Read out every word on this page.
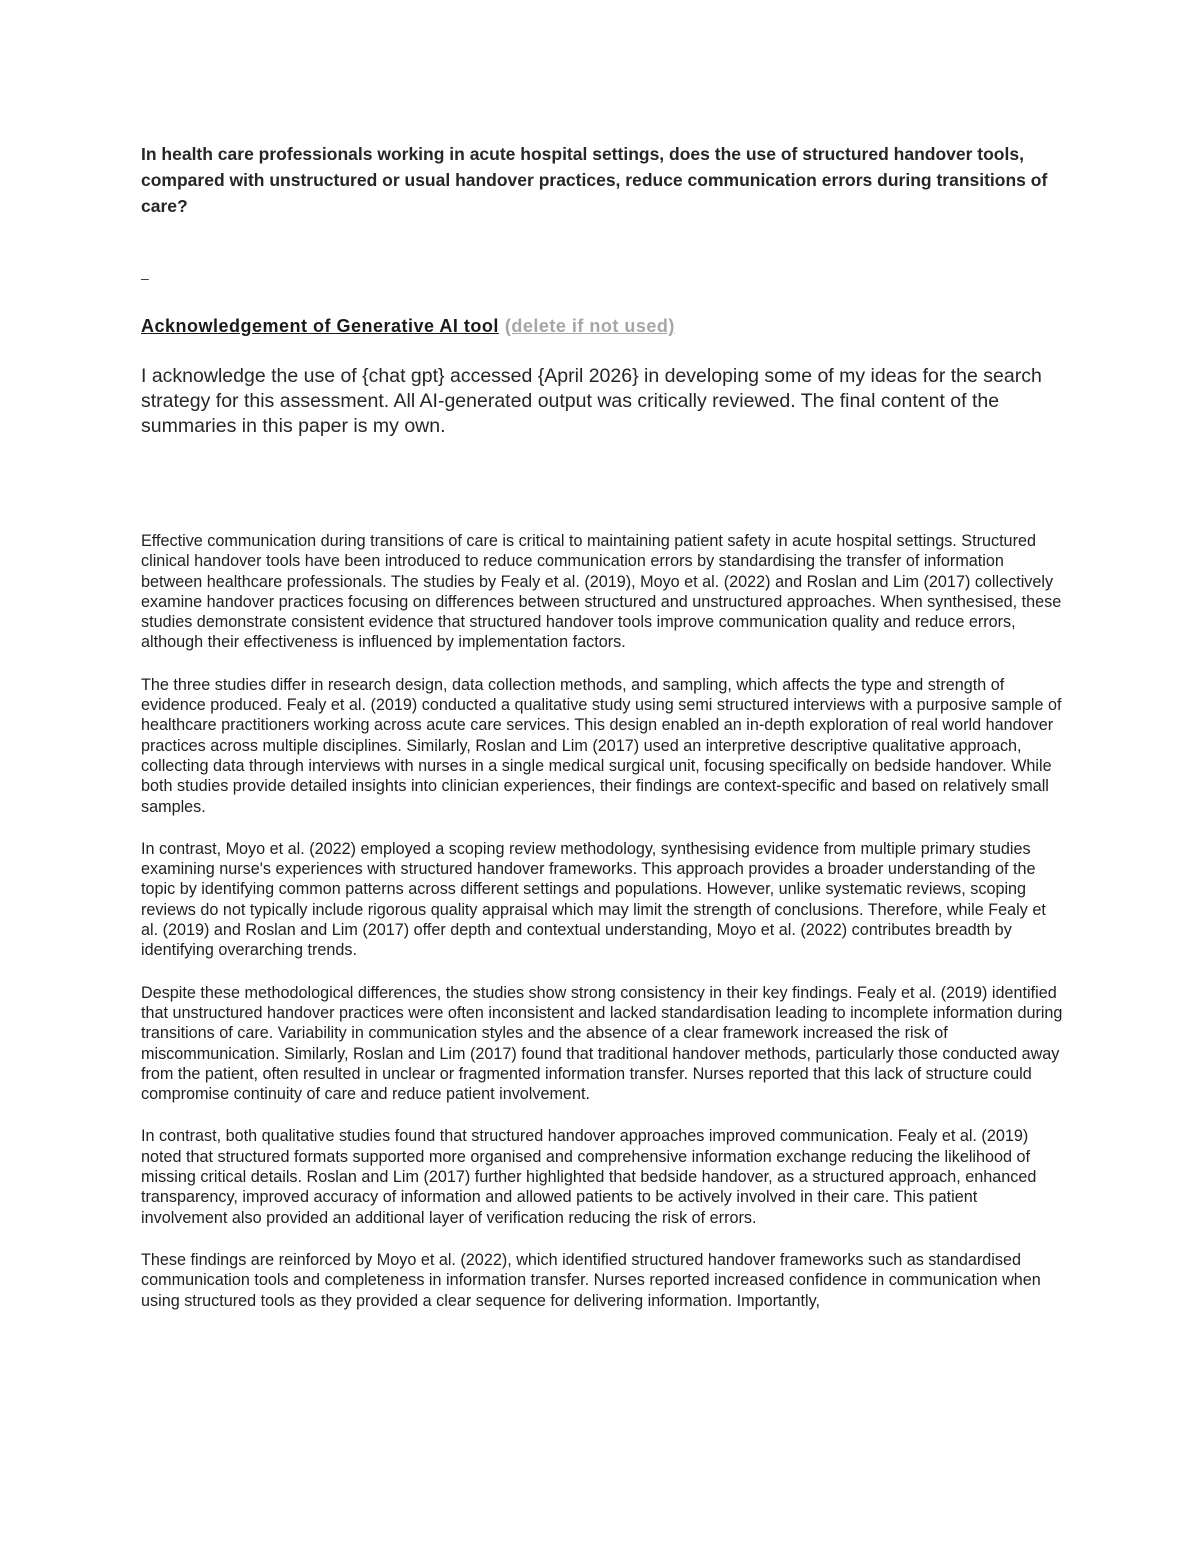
In health care professionals working in acute hospital settings, does the use of structured handover tools, compared with unstructured or usual handover practices, reduce communication errors during transitions of care?

–

Acknowledgement of Generative AI tool (delete if not used)

I acknowledge the use of {chat gpt} accessed {April 2026} in developing some of my ideas for the search strategy for this assessment. All AI-generated output was critically reviewed. The final content of the summaries in this paper is my own.

Effective communication during transitions of care is critical to maintaining patient safety in acute hospital settings. Structured clinical handover tools have been introduced to reduce communication errors by standardising the transfer of information between healthcare professionals. The studies by Fealy et al. (2019), Moyo et al. (2022) and Roslan and Lim (2017) collectively examine handover practices focusing on differences between structured and unstructured approaches. When synthesised, these studies demonstrate consistent evidence that structured handover tools improve communication quality and reduce errors, although their effectiveness is influenced by implementation factors.

The three studies differ in research design, data collection methods, and sampling, which affects the type and strength of evidence produced. Fealy et al. (2019) conducted a qualitative study using semi structured interviews with a purposive sample of healthcare practitioners working across acute care services. This design enabled an in-depth exploration of real world handover practices across multiple disciplines. Similarly, Roslan and Lim (2017) used an interpretive descriptive qualitative approach, collecting data through interviews with nurses in a single medical surgical unit, focusing specifically on bedside handover. While both studies provide detailed insights into clinician experiences, their findings are context-specific and based on relatively small samples.

In contrast, Moyo et al. (2022) employed a scoping review methodology, synthesising evidence from multiple primary studies examining nurse's experiences with structured handover frameworks. This approach provides a broader understanding of the topic by identifying common patterns across different settings and populations. However, unlike systematic reviews, scoping reviews do not typically include rigorous quality appraisal which may limit the strength of conclusions. Therefore, while Fealy et al. (2019) and Roslan and Lim (2017) offer depth and contextual understanding, Moyo et al. (2022) contributes breadth by identifying overarching trends.

Despite these methodological differences, the studies show strong consistency in their key findings. Fealy et al. (2019) identified that unstructured handover practices were often inconsistent and lacked standardisation leading to incomplete information during transitions of care. Variability in communication styles and the absence of a clear framework increased the risk of miscommunication. Similarly, Roslan and Lim (2017) found that traditional handover methods, particularly those conducted away from the patient, often resulted in unclear or fragmented information transfer. Nurses reported that this lack of structure could compromise continuity of care and reduce patient involvement.

In contrast, both qualitative studies found that structured handover approaches improved communication. Fealy et al. (2019) noted that structured formats supported more organised and comprehensive information exchange reducing the likelihood of missing critical details. Roslan and Lim (2017) further highlighted that bedside handover, as a structured approach, enhanced transparency, improved accuracy of information and allowed patients to be actively involved in their care. This patient involvement also provided an additional layer of verification reducing the risk of errors.

These findings are reinforced by Moyo et al. (2022), which identified structured handover frameworks such as standardised communication tools and completeness in information transfer. Nurses reported increased confidence in communication when using structured tools as they provided a clear sequence for delivering information. Importantly,
